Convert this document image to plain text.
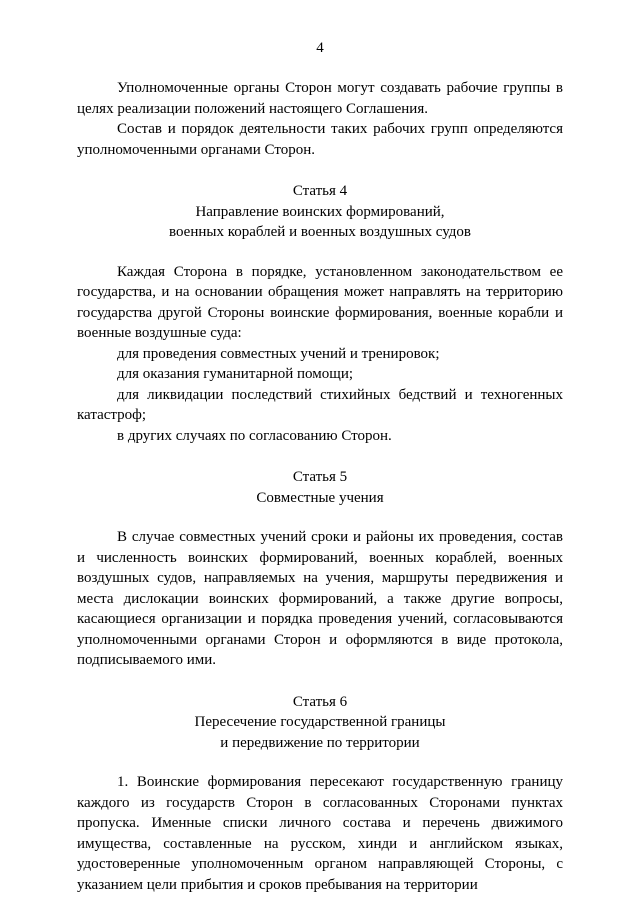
4

Уполномоченные органы Сторон могут создавать рабочие группы в целях реализации положений настоящего Соглашения.

Состав и порядок деятельности таких рабочих групп определяются уполномоченными органами Сторон.

Статья 4

Направление воинских формирований,

военных кораблей и военных воздушных судов

Каждая Сторона в порядке, установленном законодательством ее государства, и на основании обращения может направлять на территорию государства другой Стороны воинские формирования, военные корабли и военные воздушные суда:

для проведения совместных учений и тренировок;

для оказания гуманитарной помощи;

для ликвидации последствий стихийных бедствий и техногенных катастроф;

в других случаях по согласованию Сторон.

Статья 5

Совместные учения

В случае совместных учений сроки и районы их проведения, состав и численность воинских формирований, военных кораблей, военных воздушных судов, направляемых на учения, маршруты передвижения и места дислокации воинских формирований, а также другие вопросы, касающиеся организации и порядка проведения учений, согласовываются уполномоченными органами Сторон и оформляются в виде протокола, подписываемого ими.

Статья 6

Пересечение государственной границы

и передвижение по территории

1. Воинские формирования пересекают государственную границу каждого из государств Сторон в согласованных Сторонами пунктах пропуска. Именные списки личного состава и перечень движимого имущества, составленные на русском, хинди и английском языках, удостоверенные уполномоченным органом направляющей Стороны, с указанием цели прибытия и сроков пребывания на территории
